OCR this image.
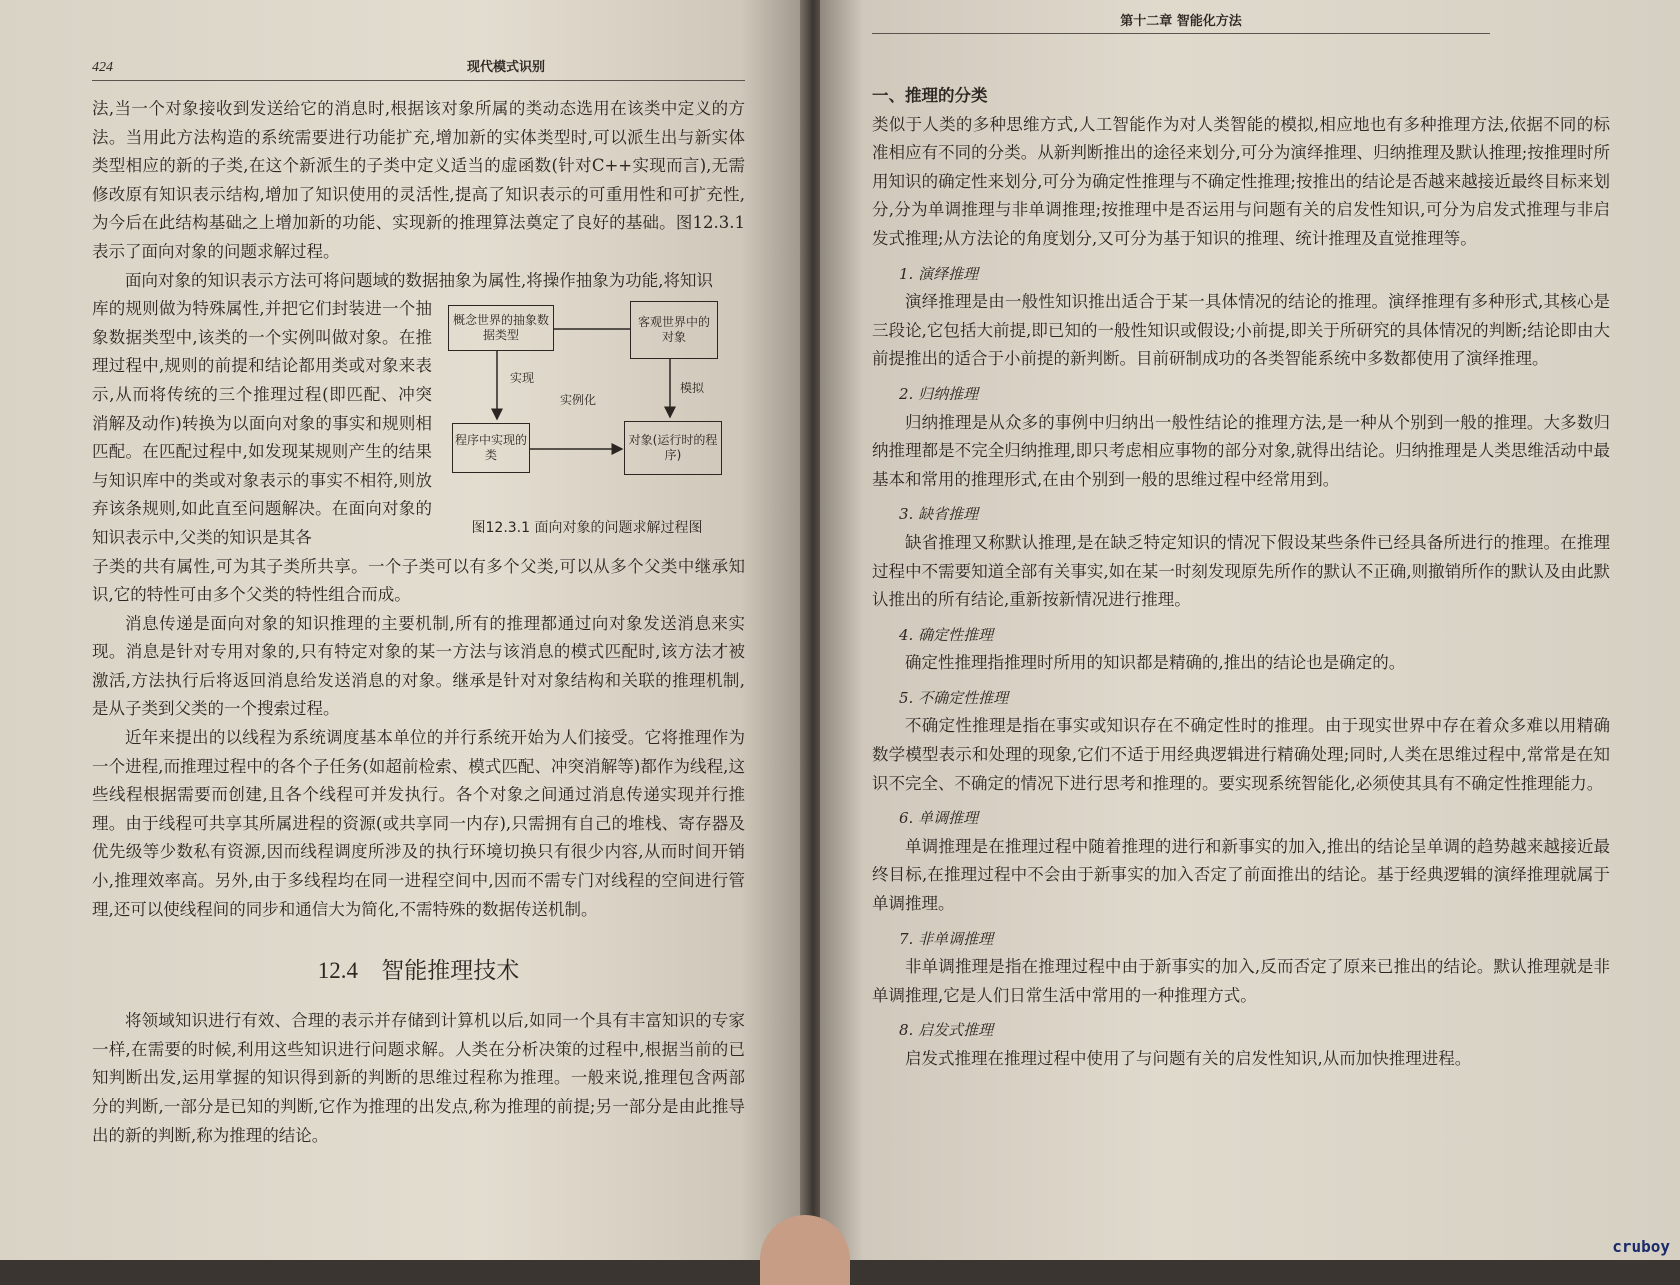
424	现代模式识别

法,当一个对象接收到发送给它的消息时,根据该对象所属的类动态选用在该类中定义的方法。当用此方法构造的系统需要进行功能扩充,增加新的实体类型时,可以派生出与新实体类型相应的新的子类,在这个新派生的子类中定义适当的虚函数(针对C++实现而言),无需修改原有知识表示结构,增加了知识使用的灵活性,提高了知识表示的可重用性和可扩充性,为今后在此结构基础之上增加新的功能、实现新的推理算法奠定了良好的基础。图12.3.1表示了面向对象的问题求解过程。

面向对象的知识表示方法可将问题域的数据抽象为属性,将操作抽象为功能,将知识

库的规则做为特殊属性,并把它们封装进一个抽象数据类型中,该类的一个实例叫做对象。在推理过程中,规则的前提和结论都用类或对象来表示,从而将传统的三个推理过程(即匹配、冲突消解及动作)转换为以面向对象的事实和规则相匹配。在匹配过程中,如发现某规则产生的结果与知识库中的类或对象表示的事实不相符,则放弃该条规则,如此直至问题解决。在面向对象的知识表示中,父类的知识是其各

概念世界的抽象数据类型
客观世界中的对象
程序中实现的类
对象(运行时的程序)
实现
实例化
模拟
图12.3.1 面向对象的问题求解过程图

子类的共有属性,可为其子类所共享。一个子类可以有多个父类,可以从多个父类中继承知识,它的特性可由多个父类的特性组合而成。

消息传递是面向对象的知识推理的主要机制,所有的推理都通过向对象发送消息来实现。消息是针对专用对象的,只有特定对象的某一方法与该消息的模式匹配时,该方法才被激活,方法执行后将返回消息给发送消息的对象。继承是针对对象结构和关联的推理机制,是从子类到父类的一个搜索过程。

近年来提出的以线程为系统调度基本单位的并行系统开始为人们接受。它将推理作为一个进程,而推理过程中的各个子任务(如超前检索、模式匹配、冲突消解等)都作为线程,这些线程根据需要而创建,且各个线程可并发执行。各个对象之间通过消息传递实现并行推理。由于线程可共享其所属进程的资源(或共享同一内存),只需拥有自己的堆栈、寄存器及优先级等少数私有资源,因而线程调度所涉及的执行环境切换只有很少内容,从而时间开销小,推理效率高。另外,由于多线程均在同一进程空间中,因而不需专门对线程的空间进行管理,还可以使线程间的同步和通信大为简化,不需特殊的数据传送机制。

12.4 智能推理技术

将领域知识进行有效、合理的表示并存储到计算机以后,如同一个具有丰富知识的专家一样,在需要的时候,利用这些知识进行问题求解。人类在分析决策的过程中,根据当前的已知判断出发,运用掌握的知识得到新的判断的思维过程称为推理。一般来说,推理包含两部分的判断,一部分是已知的判断,它作为推理的出发点,称为推理的前提;另一部分是由此推导出的新的判断,称为推理的结论。

第十二章 智能化方法
一、推理的分类

类似于人类的多种思维方式,人工智能作为对人类智能的模拟,相应地也有多种推理方法,依据不同的标准相应有不同的分类。从新判断推出的途径来划分,可分为演绎推理、归纳推理及默认推理;按推理时所用知识的确定性来划分,可分为确定性推理与不确定性推理;按推出的结论是否越来越接近最终目标来划分,分为单调推理与非单调推理;按推理中是否运用与问题有关的启发性知识,可分为启发式推理与非启发式推理;从方法论的角度划分,又可分为基于知识的推理、统计推理及直觉推理等。

1. 演绎推理

演绎推理是由一般性知识推出适合于某一具体情况的结论的推理。演绎推理有多种形式,其核心是三段论,它包括大前提,即已知的一般性知识或假设;小前提,即关于所研究的具体情况的判断;结论即由大前提推出的适合于小前提的新判断。目前研制成功的各类智能系统中多数都使用了演绎推理。

2. 归纳推理

归纳推理是从众多的事例中归纳出一般性结论的推理方法,是一种从个别到一般的推理。大多数归纳推理都是不完全归纳推理,即只考虑相应事物的部分对象,就得出结论。归纳推理是人类思维活动中最基本和常用的推理形式,在由个别到一般的思维过程中经常用到。

3. 缺省推理

缺省推理又称默认推理,是在缺乏特定知识的情况下假设某些条件已经具备所进行的推理。在推理过程中不需要知道全部有关事实,如在某一时刻发现原先所作的默认不正确,则撤销所作的默认及由此默认推出的所有结论,重新按新情况进行推理。

4. 确定性推理

确定性推理指推理时所用的知识都是精确的,推出的结论也是确定的。

5. 不确定性推理

不确定性推理是指在事实或知识存在不确定性时的推理。由于现实世界中存在着众多难以用精确数学模型表示和处理的现象,它们不适于用经典逻辑进行精确处理;同时,人类在思维过程中,常常是在知识不完全、不确定的情况下进行思考和推理的。要实现系统智能化,必须使其具有不确定性推理能力。

6. 单调推理

单调推理是在推理过程中随着推理的进行和新事实的加入,推出的结论呈单调的趋势越来越接近最终目标,在推理过程中不会由于新事实的加入否定了前面推出的结论。基于经典逻辑的演绎推理就属于单调推理。

7. 非单调推理

非单调推理是指在推理过程中由于新事实的加入,反而否定了原来已推出的结论。默认推理就是非单调推理,它是人们日常生活中常用的一种推理方式。

8. 启发式推理

启发式推理在推理过程中使用了与问题有关的启发性知识,从而加快推理进程。

cruboy
